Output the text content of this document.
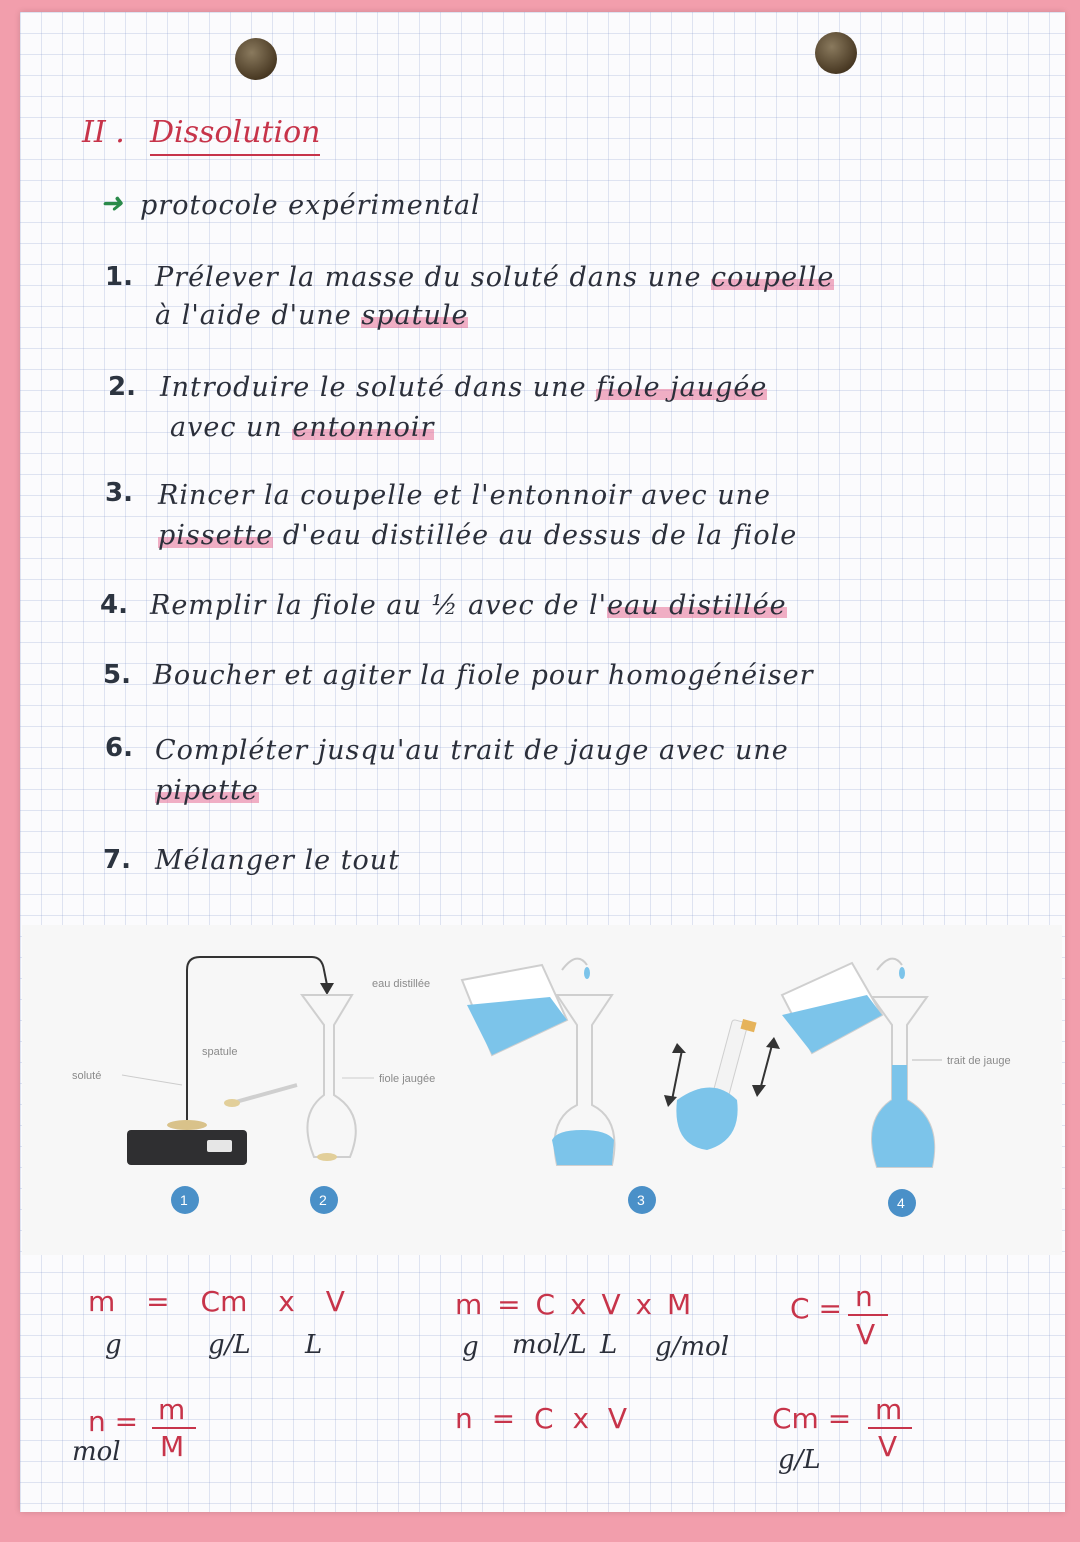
II . Dissolution
➜ protocole expérimental
1. Prélever la masse du soluté dans une coupelle
à l'aide d'une spatule
2. Introduire le soluté dans une fiole jaugée
avec un entonnoir
3. Rincer la coupelle et l'entonnoir avec une
pissette d'eau distillée au dessus de la fiole
4. Remplir la fiole au ½ avec de l'eau distillée
5. Boucher et agiter la fiole pour homogénéiser
6. Compléter jusqu'au trait de jauge avec une
pipette
7. Mélanger le tout
soluté
spatule
eau distillée
fiole jaugée
trait de jauge
1	2	3	4
m = Cm x V
g	g/L L
m = C x V x M
g mol/L L g/mol
C = n
V
n = m
M
mol
n = C x V	Cm = m
V
g/L
